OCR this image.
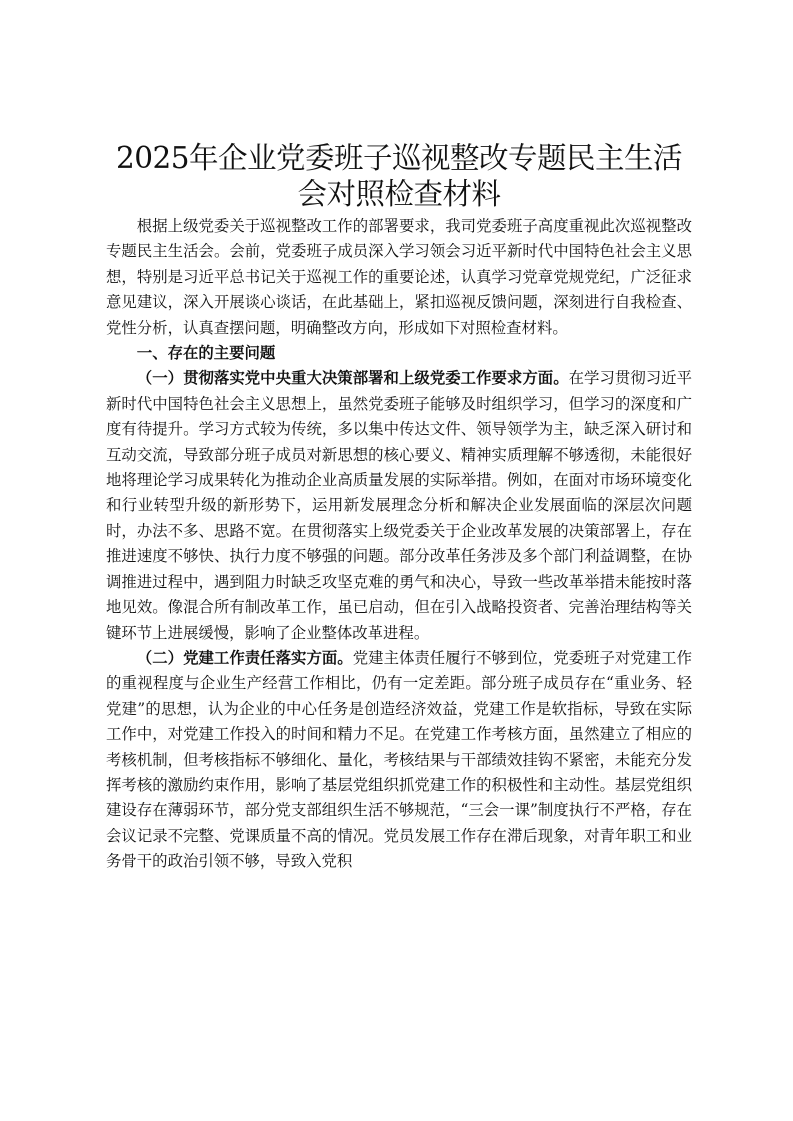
2025年企业党委班子巡视整改专题民主生活
会对照检查材料

根据上级党委关于巡视整改工作的部署要求，我司党委班子高度重视此次巡视整改专题民主生活会。会前，党委班子成员深入学习领会习近平新时代中国特色社会主义思想，特别是习近平总书记关于巡视工作的重要论述，认真学习党章党规党纪，广泛征求意见建议，深入开展谈心谈话，在此基础上，紧扣巡视反馈问题，深刻进行自我检查、党性分析，认真查摆问题，明确整改方向，形成如下对照检查材料。

一、存在的主要问题

（一）贯彻落实党中央重大决策部署和上级党委工作要求方面。在学习贯彻习近平新时代中国特色社会主义思想上，虽然党委班子能够及时组织学习，但学习的深度和广度有待提升。学习方式较为传统，多以集中传达文件、领导领学为主，缺乏深入研讨和互动交流，导致部分班子成员对新思想的核心要义、精神实质理解不够透彻，未能很好地将理论学习成果转化为推动企业高质量发展的实际举措。例如，在面对市场环境变化和行业转型升级的新形势下，运用新发展理念分析和解决企业发展面临的深层次问题时，办法不多、思路不宽。在贯彻落实上级党委关于企业改革发展的决策部署上，存在推进速度不够快、执行力度不够强的问题。部分改革任务涉及多个部门利益调整，在协调推进过程中，遇到阻力时缺乏攻坚克难的勇气和决心，导致一些改革举措未能按时落地见效。像混合所有制改革工作，虽已启动，但在引入战略投资者、完善治理结构等关键环节上进展缓慢，影响了企业整体改革进程。

（二）党建工作责任落实方面。党建主体责任履行不够到位，党委班子对党建工作的重视程度与企业生产经营工作相比，仍有一定差距。部分班子成员存在“重业务、轻党建”的思想，认为企业的中心任务是创造经济效益，党建工作是软指标，导致在实际工作中，对党建工作投入的时间和精力不足。在党建工作考核方面，虽然建立了相应的考核机制，但考核指标不够细化、量化，考核结果与干部绩效挂钩不紧密，未能充分发挥考核的激励约束作用，影响了基层党组织抓党建工作的积极性和主动性。基层党组织建设存在薄弱环节，部分党支部组织生活不够规范，“三会一课”制度执行不严格，存在会议记录不完整、党课质量不高的情况。党员发展工作存在滞后现象，对青年职工和业务骨干的政治引领不够，导致入党积
